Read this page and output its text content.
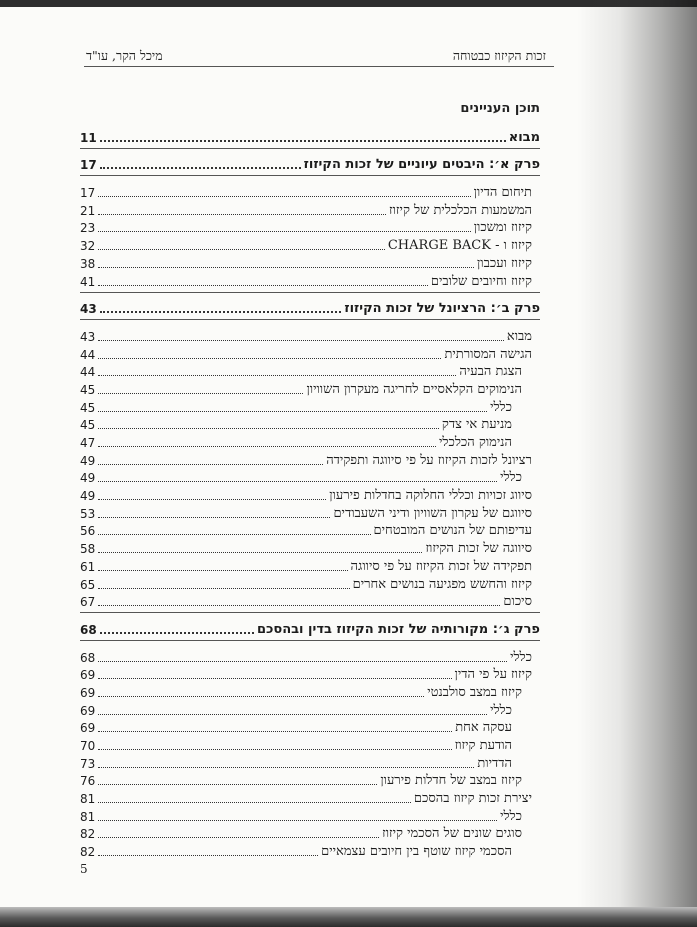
מיכל הקר, עו"ד	זכות הקיזוז כבטוחה
תוכן העניינים
מבוא
11
פרק א׳: היבטים עיוניים של זכות הקיזוז
17
תיחום הדיון
17
המשמעות הכלכלית של קיזוז
21
קיזוז ומשכון
23
קיזוז ו - CHARGE BACK
32
קיזוז ועכבון
38
קיזוז וחיובים שלובים
41
פרק ב׳: הרציונל של זכות הקיזוז
43
מבוא
43
הגישה המסורתית
44
הצגת הבעיה
44
הנימוקים הקלאסיים לחריגה מעקרון השוויון
45
כללי
45
מניעת אי צדק
45
הנימוק הכלכלי
47
רציונל לזכות הקיזוז על פי סיווגה ותפקידה
49
כללי
49
סיווג זכויות וכללי החלוקה בחדלות פירעון
49
סיווגם של עקרון השוויון ודיני השעבודים
53
עדיפותם של הנושים המובטחים
56
סיווגה של זכות הקיזוז
58
תפקידה של זכות הקיזוז על פי סיווגה
61
קיזוז והחשש מפגיעה בנושים אחרים
65
סיכום
67
פרק ג׳: מקורותיה של זכות הקיזוז בדין ובהסכם
68
כללי
68
קיזוז על פי הדין
69
קיזוז במצב סולבנטי
69
כללי
69
עסקה אחת
69
הודעת קיזוז
70
הדדיות
73
קיזוז במצב של חדלות פירעון
76
יצירת זכות קיזוז בהסכם
81
כללי
81
סוגים שונים של הסכמי קיזוז
82
הסכמי קיזוז שוטף בין חיובים עצמאיים
82
5
